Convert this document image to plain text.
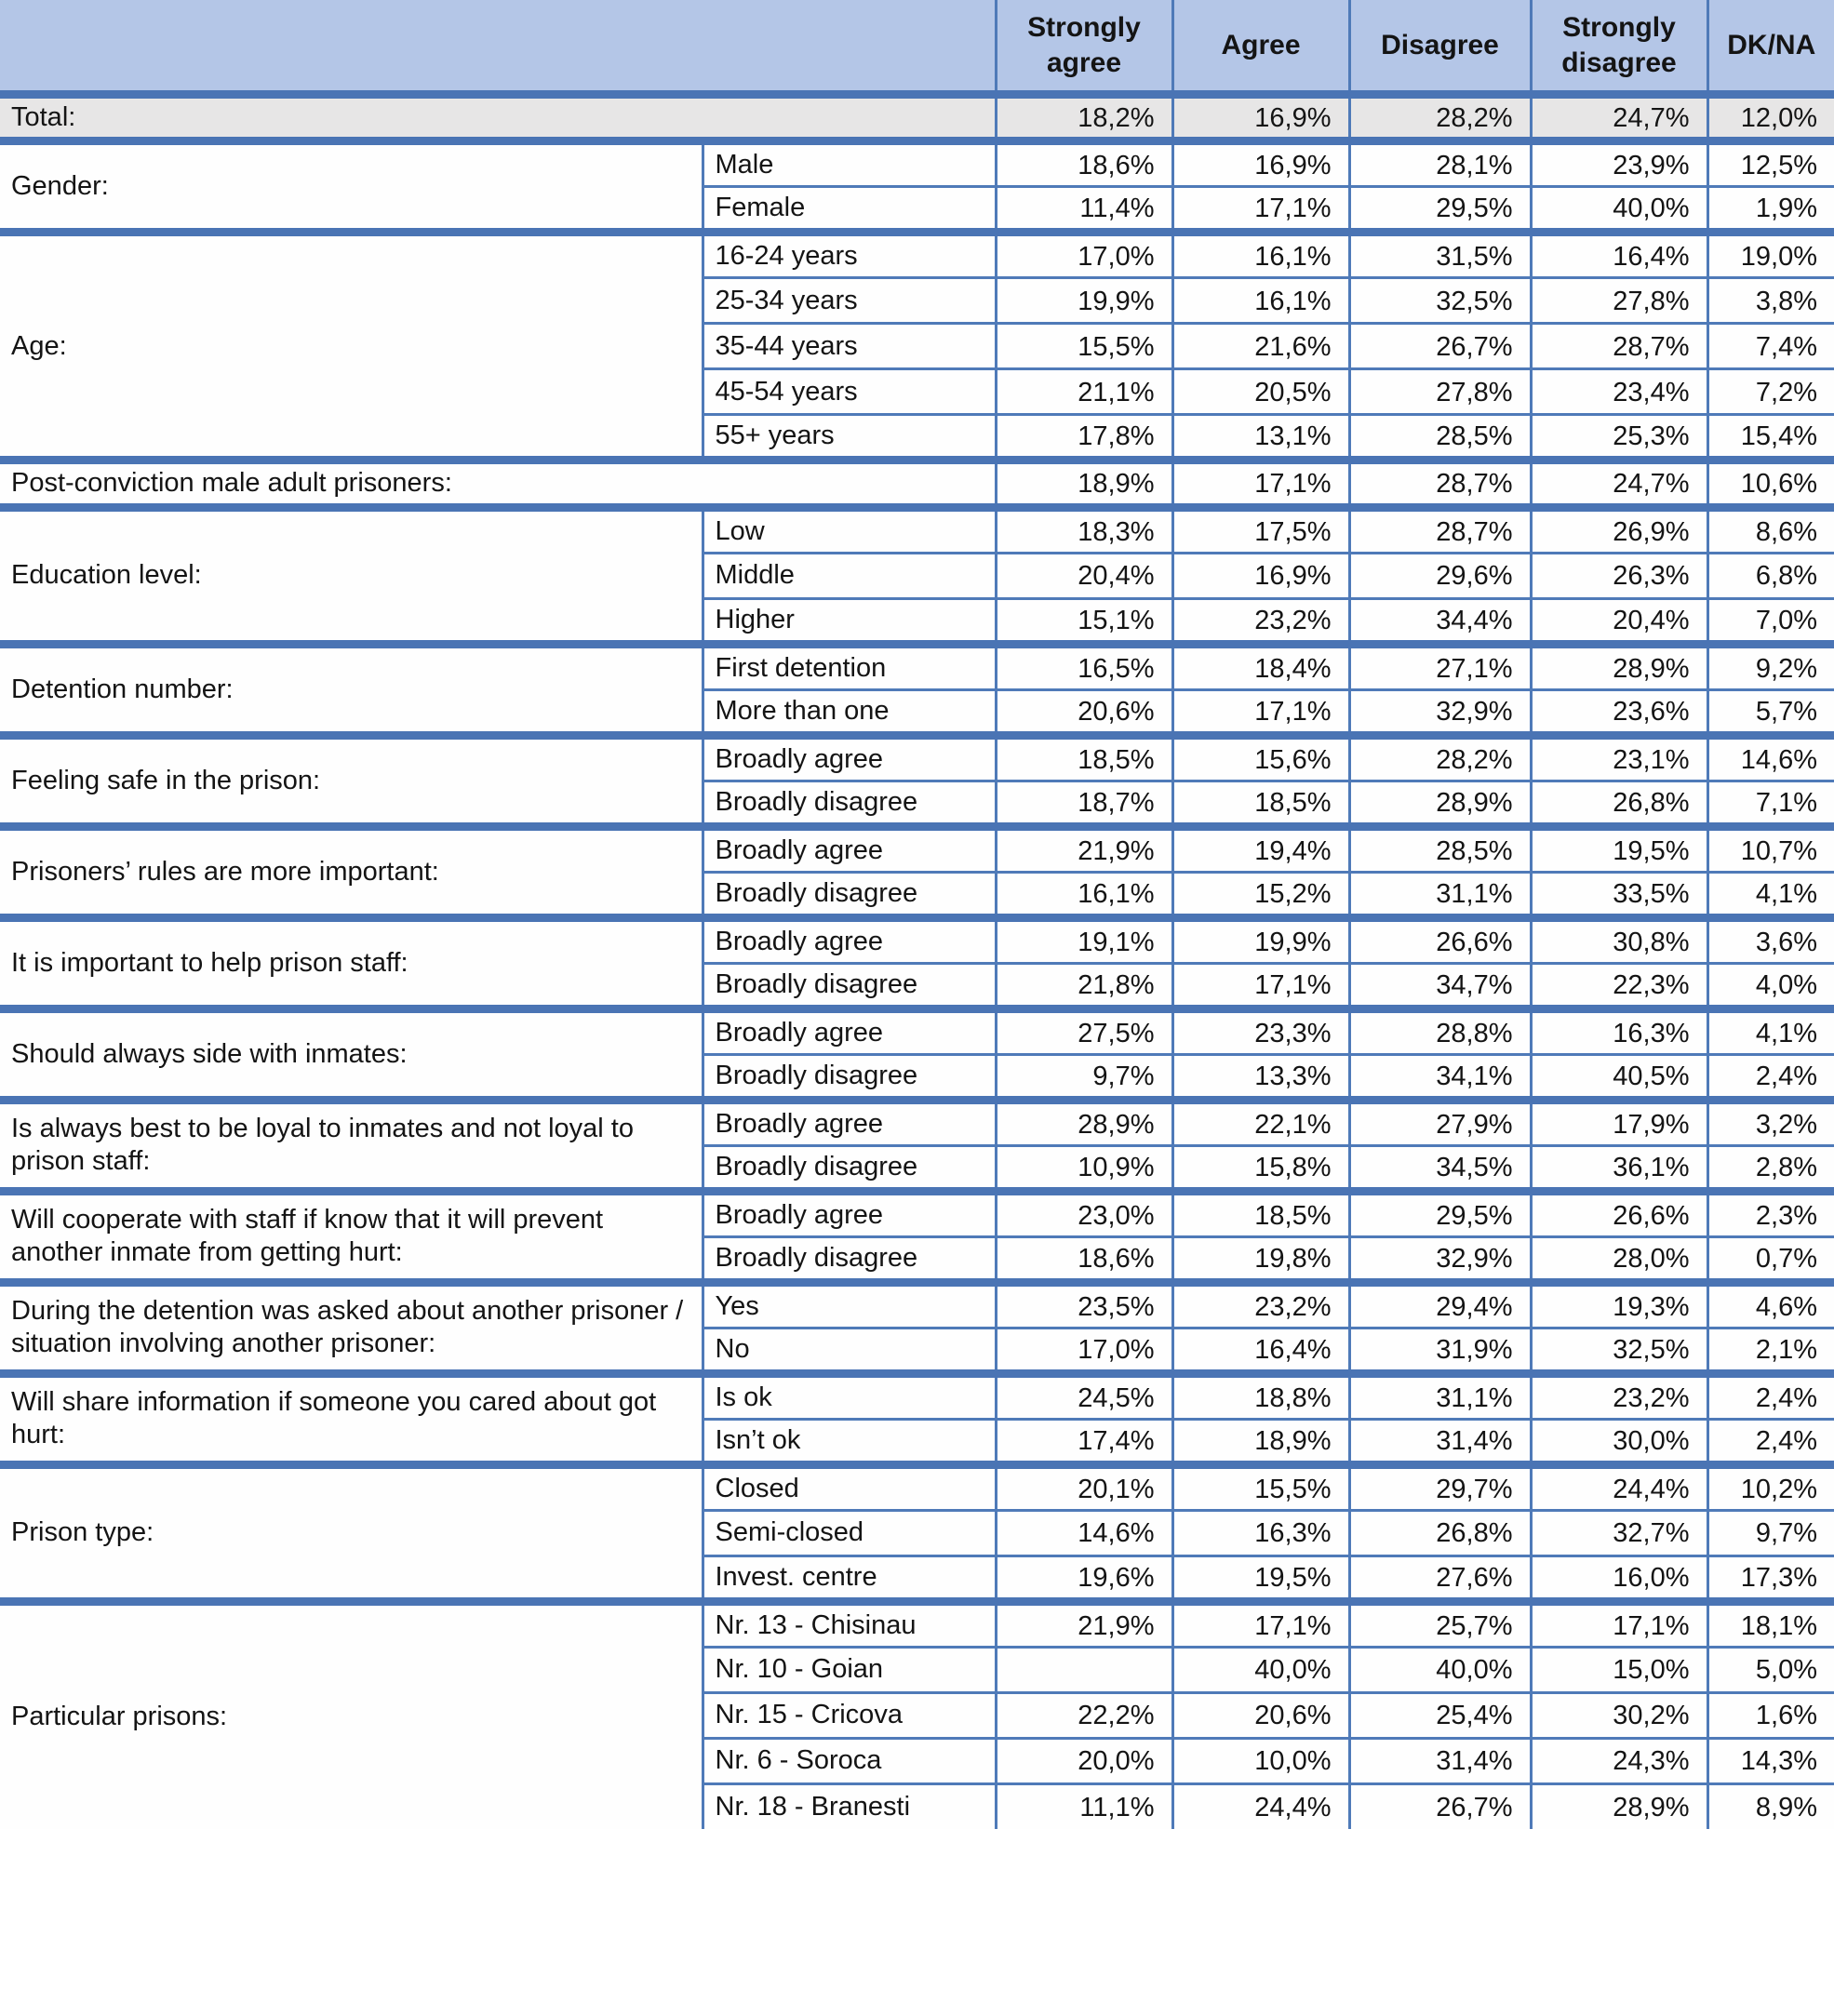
		Strongly agree	Agree	Disagree	Strongly disagree	DK/NA
Total:		18,2%	16,9%	28,2%	24,7%	12,0%
Gender:	Male	18,6%	16,9%	28,1%	23,9%	12,5%
	Female	11,4%	17,1%	29,5%	40,0%	1,9%
Age:	16-24 years	17,0%	16,1%	31,5%	16,4%	19,0%
	25-34 years	19,9%	16,1%	32,5%	27,8%	3,8%
	35-44 years	15,5%	21,6%	26,7%	28,7%	7,4%
	45-54 years	21,1%	20,5%	27,8%	23,4%	7,2%
	55+ years	17,8%	13,1%	28,5%	25,3%	15,4%
Post-conviction male adult prisoners:		18,9%	17,1%	28,7%	24,7%	10,6%
Education level:	Low	18,3%	17,5%	28,7%	26,9%	8,6%
	Middle	20,4%	16,9%	29,6%	26,3%	6,8%
	Higher	15,1%	23,2%	34,4%	20,4%	7,0%
Detention number:	First detention	16,5%	18,4%	27,1%	28,9%	9,2%
	More than one	20,6%	17,1%	32,9%	23,6%	5,7%
Feeling safe in the prison:	Broadly agree	18,5%	15,6%	28,2%	23,1%	14,6%
	Broadly disagree	18,7%	18,5%	28,9%	26,8%	7,1%
Prisoners’ rules are more important:	Broadly agree	21,9%	19,4%	28,5%	19,5%	10,7%
	Broadly disagree	16,1%	15,2%	31,1%	33,5%	4,1%
It is important to help prison staff:	Broadly agree	19,1%	19,9%	26,6%	30,8%	3,6%
	Broadly disagree	21,8%	17,1%	34,7%	22,3%	4,0%
Should always side with inmates:	Broadly agree	27,5%	23,3%	28,8%	16,3%	4,1%
	Broadly disagree	9,7%	13,3%	34,1%	40,5%	2,4%
Is always best to be loyal to inmates and not loyal to prison staff:	Broadly agree	28,9%	22,1%	27,9%	17,9%	3,2%
	Broadly disagree	10,9%	15,8%	34,5%	36,1%	2,8%
Will cooperate with staff if know that it will prevent another inmate from getting hurt:	Broadly agree	23,0%	18,5%	29,5%	26,6%	2,3%
	Broadly disagree	18,6%	19,8%	32,9%	28,0%	0,7%
During the detention was asked about another prisoner / situation involving another prisoner:	Yes	23,5%	23,2%	29,4%	19,3%	4,6%
	No	17,0%	16,4%	31,9%	32,5%	2,1%
Will share information if someone you cared about got hurt:	Is ok	24,5%	18,8%	31,1%	23,2%	2,4%
	Isn’t ok	17,4%	18,9%	31,4%	30,0%	2,4%
Prison type:	Closed	20,1%	15,5%	29,7%	24,4%	10,2%
	Semi-closed	14,6%	16,3%	26,8%	32,7%	9,7%
	Invest. centre	19,6%	19,5%	27,6%	16,0%	17,3%
Particular prisons:	Nr. 13 - Chisinau	21,9%	17,1%	25,7%	17,1%	18,1%
	Nr. 10 - Goian		40,0%	40,0%	15,0%	5,0%
	Nr. 15 - Cricova	22,2%	20,6%	25,4%	30,2%	1,6%
	Nr. 6 - Soroca	20,0%	10,0%	31,4%	24,3%	14,3%
	Nr. 18 - Branesti	11,1%	24,4%	26,7%	28,9%	8,9%
